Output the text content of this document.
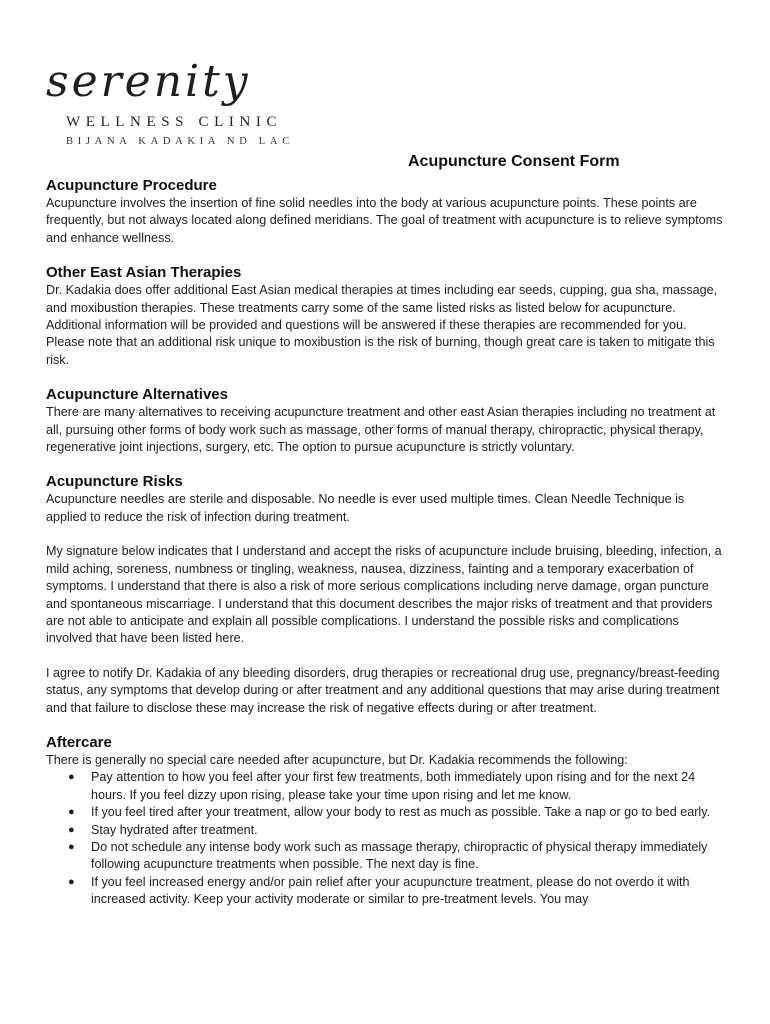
serenity
WELLNESS CLINIC
BIJANA KADAKIA ND LAC
Acupuncture Consent Form
Acupuncture Procedure

Acupuncture involves the insertion of fine solid needles into the body at various acupuncture points. These points are frequently, but not always located along defined meridians. The goal of treatment with acupuncture is to relieve symptoms and enhance wellness.

Other East Asian Therapies

Dr. Kadakia does offer additional East Asian medical therapies at times including ear seeds, cupping, gua sha, massage, and moxibustion therapies. These treatments carry some of the same listed risks as listed below for acupuncture. Additional information will be provided and questions will be answered if these therapies are recommended for you. Please note that an additional risk unique to moxibustion is the risk of burning, though great care is taken to mitigate this risk.

Acupuncture Alternatives

There are many alternatives to receiving acupuncture treatment and other east Asian therapies including no treatment at all, pursuing other forms of body work such as massage, other forms of manual therapy, chiropractic, physical therapy, regenerative joint injections, surgery, etc. The option to pursue acupuncture is strictly voluntary.

Acupuncture Risks

Acupuncture needles are sterile and disposable. No needle is ever used multiple times. Clean Needle Technique is applied to reduce the risk of infection during treatment.

My signature below indicates that I understand and accept the risks of acupuncture include bruising, bleeding, infection, a mild aching, soreness, numbness or tingling, weakness, nausea, dizziness, fainting and a temporary exacerbation of symptoms. I understand that there is also a risk of more serious complications including nerve damage, organ puncture and spontaneous miscarriage. I understand that this document describes the major risks of treatment and that providers are not able to anticipate and explain all possible complications. I understand the possible risks and complications involved that have been listed here.

I agree to notify Dr. Kadakia of any bleeding disorders, drug therapies or recreational drug use, pregnancy/breast-feeding status, any symptoms that develop during or after treatment and any additional questions that may arise during treatment and that failure to disclose these may increase the risk of negative effects during or after treatment.

Aftercare

There is generally no special care needed after acupuncture, but Dr. Kadakia recommends the following:

● Pay attention to how you feel after your first few treatments, both immediately upon rising and for the next 24 hours. If you feel dizzy upon rising, please take your time upon rising and let me know.
● If you feel tired after your treatment, allow your body to rest as much as possible. Take a nap or go to bed early.
● Stay hydrated after treatment.
● Do not schedule any intense body work such as massage therapy, chiropractic of physical therapy immediately following acupuncture treatments when possible. The next day is fine.
● If you feel increased energy and/or pain relief after your acupuncture treatment, please do not overdo it with increased activity. Keep your activity moderate or similar to pre-treatment levels. You may
